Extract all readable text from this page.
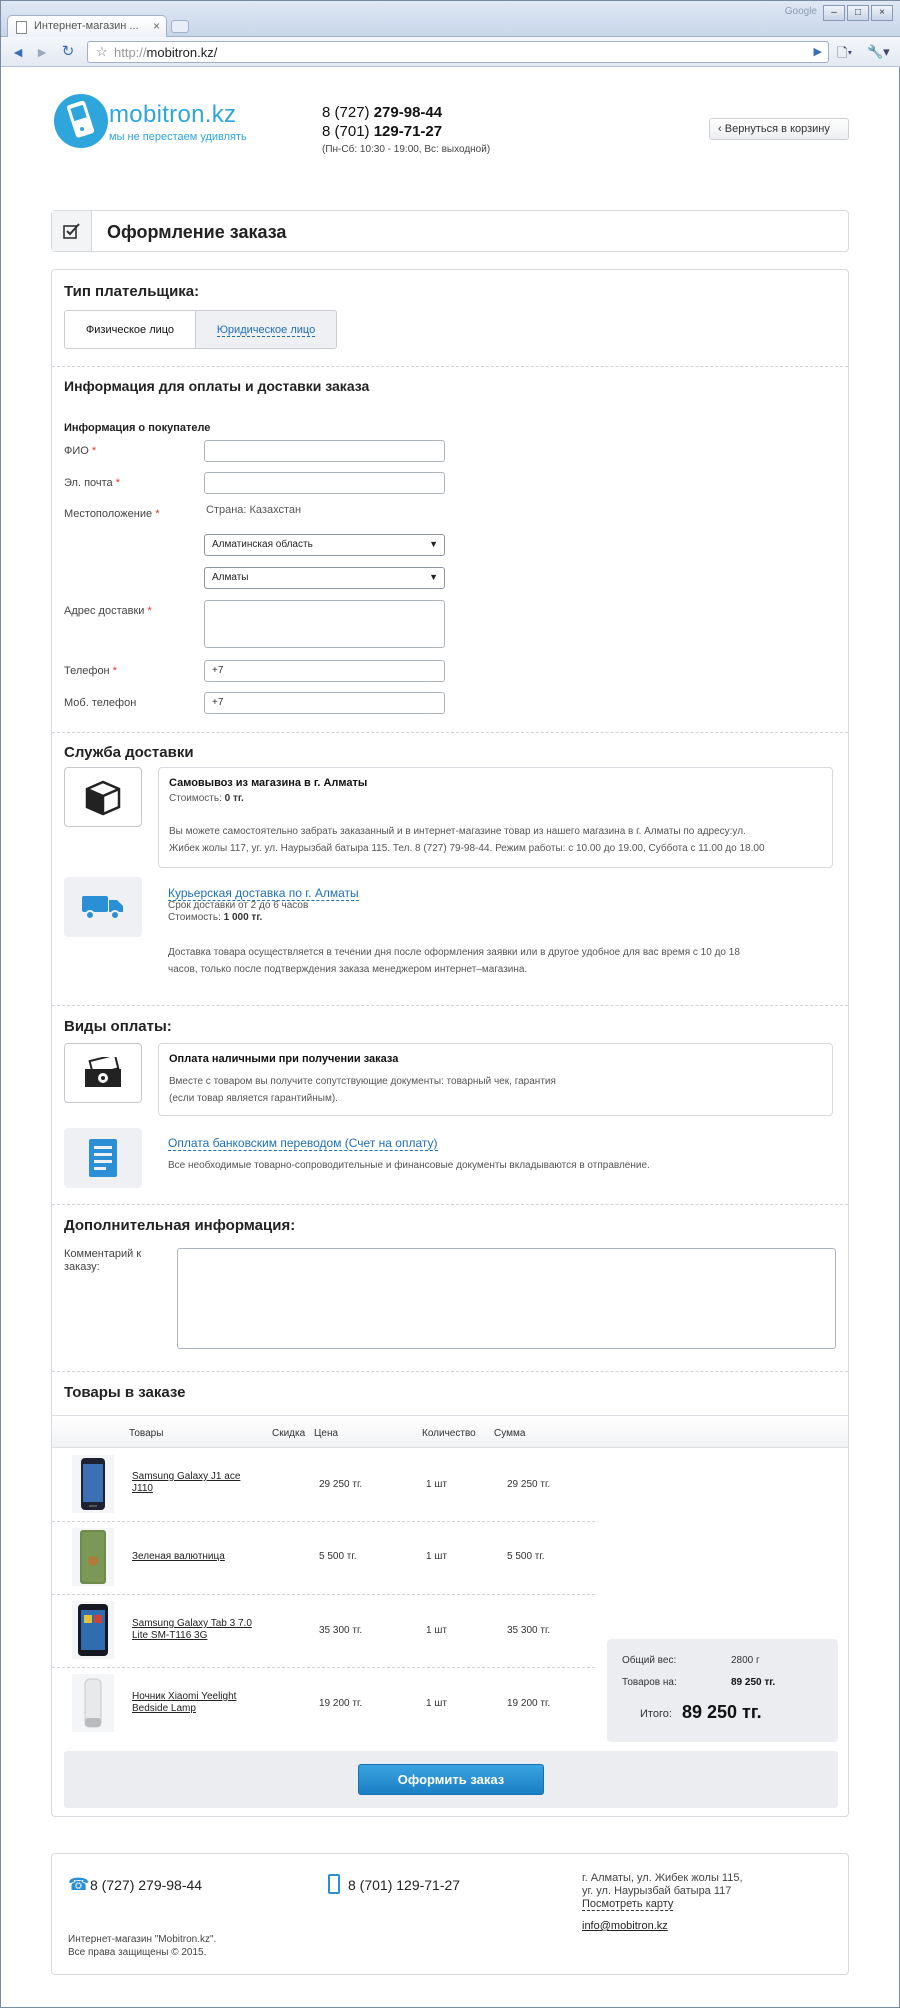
Интернет-магазин ... ×
Google	–	□	×
◄ ► ↻ ☆ http://mobitron.kz/	▶ 🗋▾ 🔧▾
mobitron.kz
мы не перестаем удивлять
8 (727) 279-98-44
8 (701) 129-71-27
(Пн-Сб: 10:30 - 19:00, Вс: выходной)
‹ Вернуться в корзину
Оформление заказа
Тип плательщика:
Физическое лицо	Юридическое лицо
Информация для оплаты и доставки заказа
Информация о покупателе
ФИО *
Эл. почта *
Местоположение *	Страна: Казахстан
Алматинская область	▼
Алматы	▼
Адрес доставки *
Телефон *	+7
Моб. телефон	+7
Служба доставки
Самовывоз из магазина в г. Алматы
Стоимость: 0 тг.
Вы можете самостоятельно забрать заказанный и в интернет-магазине товар из нашего магазина в г. Алматы по адресу:ул.
Жибек жолы 117, уг. ул. Наурызбай батыра 115. Тел. 8 (727) 79-98-44. Режим работы: с 10.00 до 19.00, Суббота с 11.00 до 18.00
Курьерская доставка по г. Алматы
Срок доставки от 2 до 6 часов
Стоимость: 1 000 тг.
Доставка товара осуществляется в течении дня после оформления заявки или в другое удобное для вас время с 10 до 18
часов, только после подтверждения заказа менеджером интернет–магазина.
Виды оплаты:
Оплата наличными при получении заказа
Вместе с товаром вы получите сопутствующие документы: товарный чек, гарантия
(если товар является гарантийным).
Оплата банковским переводом (Счет на оплату)
Все необходимые товарно-сопроводительные и финансовые документы вкладываются в отправление.
Дополнительная информация:
Комментарий к
заказу:
Товары в заказе
Товары	Скидка Цена	Количество Сумма
Samsung Galaxy J1 ace
J110	29 250 тг.	1 шт	29 250 тг.
Зеленая валютница	5 500 тг.	1 шт	5 500 тг.
Samsung Galaxy Tab 3 7.0
Lite SM-T116 3G	35 300 тг.	1 шт	35 300 тг.
Ночник Xiaomi Yeelight
Bedside Lamp	19 200 тг.	1 шт	19 200 тг.
Общий вес:	2800 г
Товаров на:	89 250 тг.
Итого: 89 250 тг.
Оформить заказ
☎ 8 (727) 279-98-44	8 (701) 129-71-27	г. Алматы, ул. Жибек жолы 115,
уг. ул. Наурызбай батыра 117
Посмотреть карту
info@mobitron.kz
Интернет-магазин "Mobitron.kz".
Все права защищены © 2015.
